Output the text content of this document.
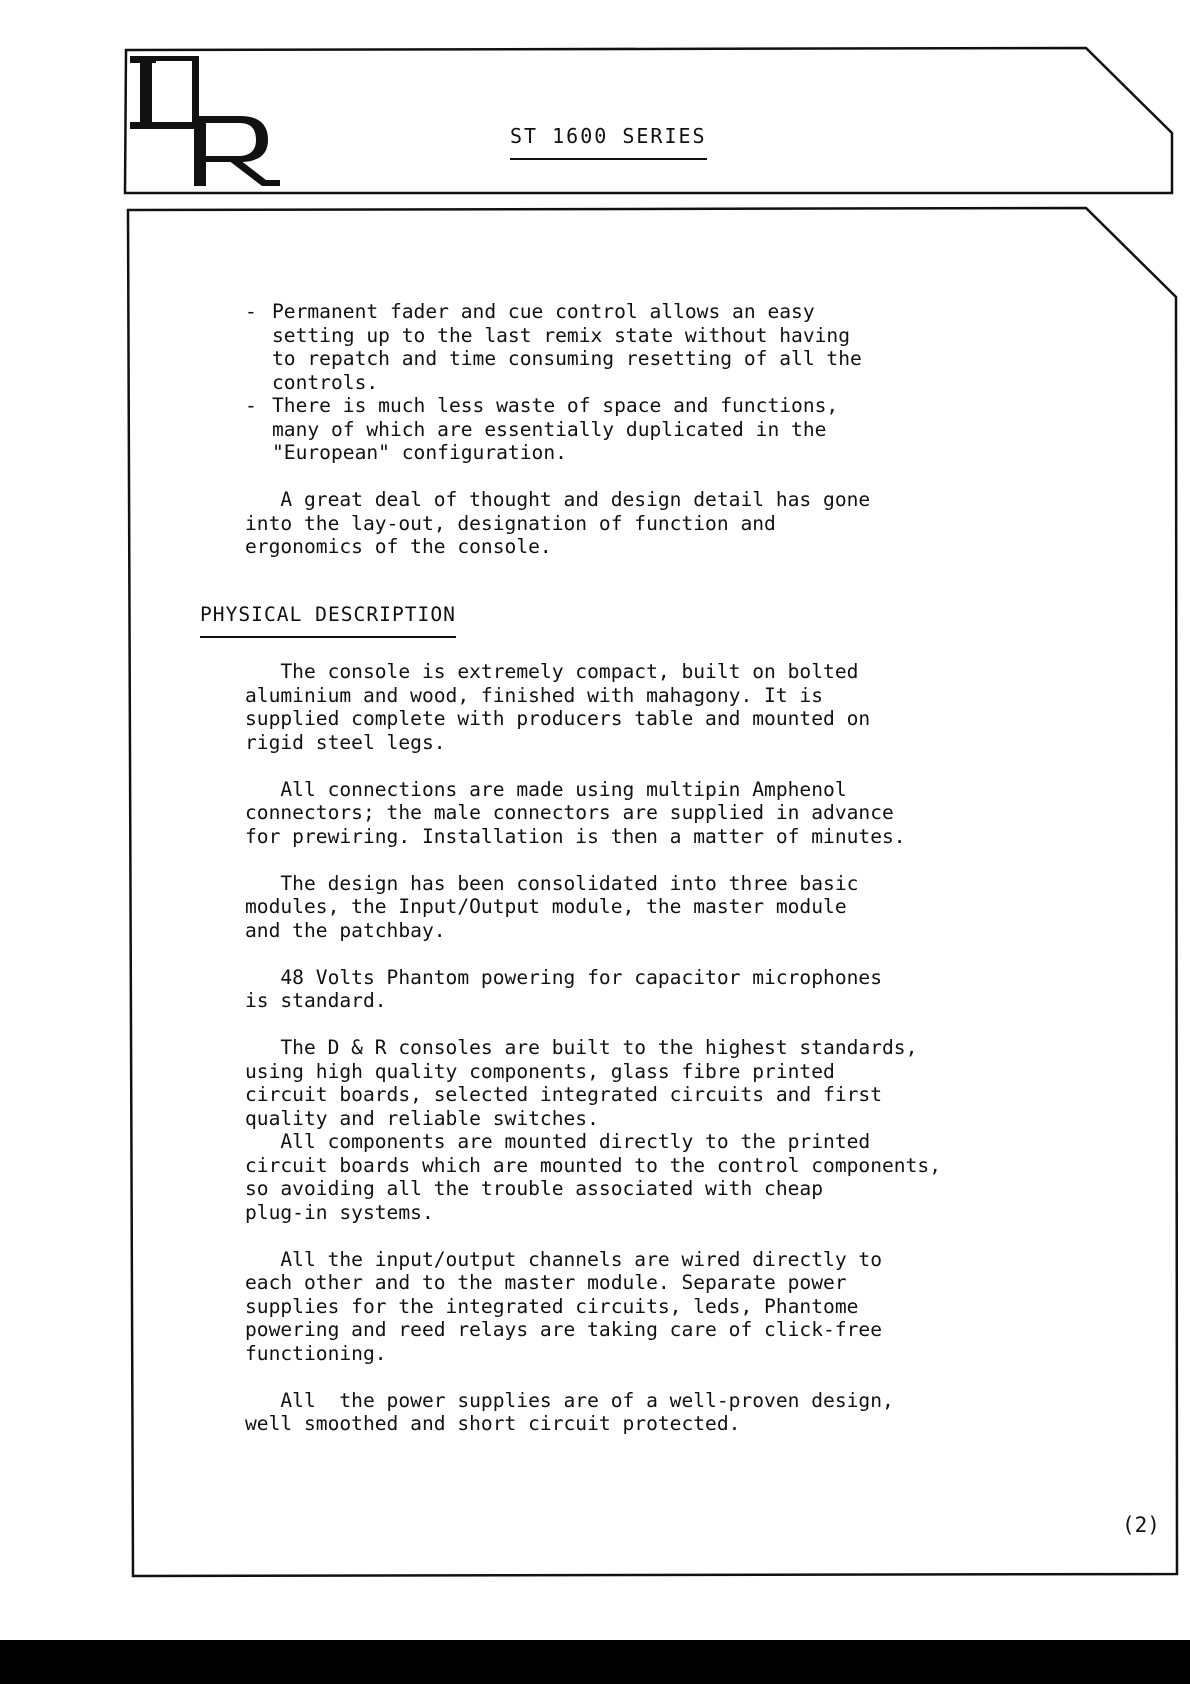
ST 1600 SERIES
- Permanent fader and cue control allows an easy
setting up to the last remix state without having
to repatch and time consuming resetting of all the
controls.
- There is much less waste of space and functions,
many of which are essentially duplicated in the
"European" configuration.

A great deal of thought and design detail has gone
into the lay-out, designation of function and
ergonomics of the console.

PHYSICAL DESCRIPTION

The console is extremely compact, built on bolted
aluminium and wood, finished with mahagony. It is
supplied complete with producers table and mounted on
rigid steel legs.

All connections are made using multipin Amphenol
connectors; the male connectors are supplied in advance
for prewiring. Installation is then a matter of minutes.

The design has been consolidated into three basic
modules, the Input/Output module, the master module
and the patchbay.

48 Volts Phantom powering for capacitor microphones
is standard.

The D & R consoles are built to the highest standards,
using high quality components, glass fibre printed
circuit boards, selected integrated circuits and first
quality and reliable switches.
All components are mounted directly to the printed
circuit boards which are mounted to the control components,
so avoiding all the trouble associated with cheap
plug-in systems.

All the input/output channels are wired directly to
each other and to the master module. Separate power
supplies for the integrated circuits, leds, Phantome
powering and reed relays are taking care of click-free
functioning.

All  the power supplies are of a well-proven design,
well smoothed and short circuit protected.

(2)
